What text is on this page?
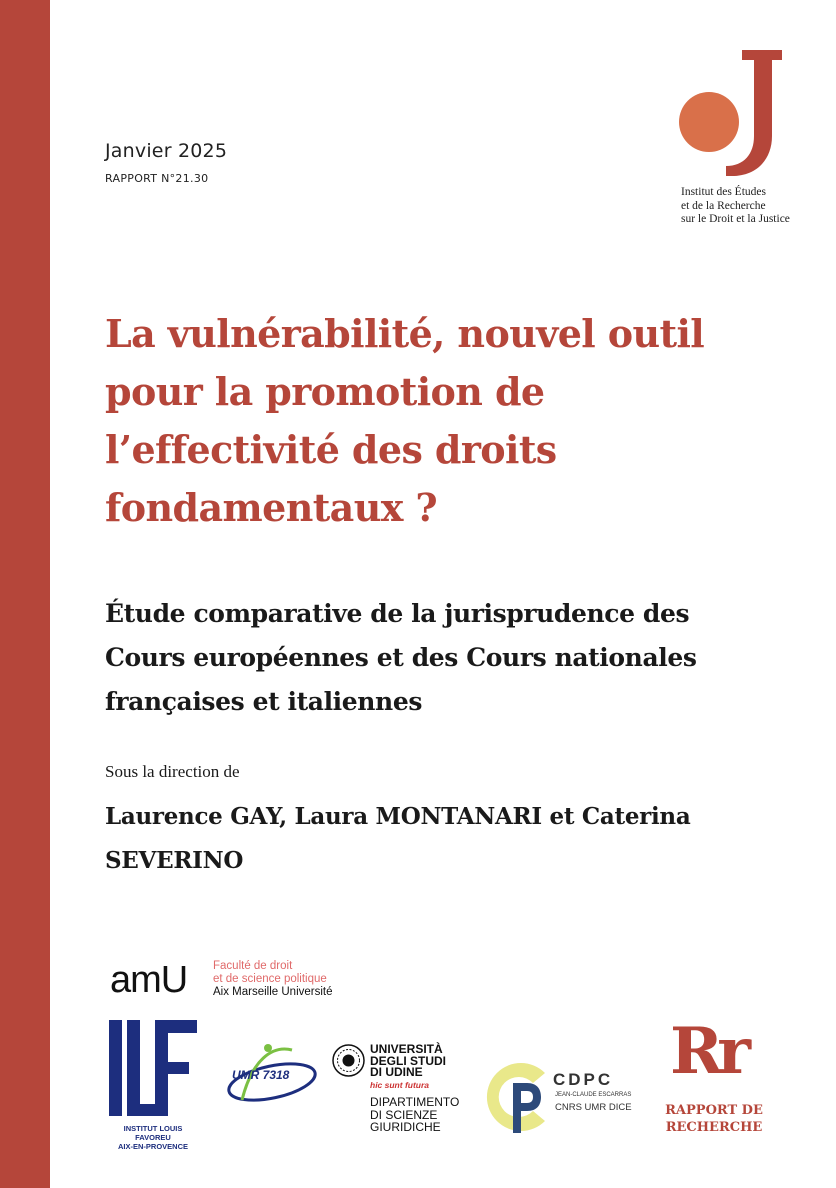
Janvier 2025
RAPPORT N°21.30
Institut des Études
et de la Recherche
sur le Droit et la Justice
La vulnérabilité, nouvel outil pour la promotion de l’effectivité des droits fondamentaux ?
Étude comparative de la jurisprudence des Cours européennes et des Cours nationales françaises et italiennes
Sous la direction de

Laurence GAY, Laura MONTANARI et Caterina SEVERINO

amU Faculté de droit
et de science politique
Aix Marseille Université
INSTITUT LOUIS FAVOREU
AIX-EN-PROVENCE
UMR 7318
UNIVERSITÀ
DEGLI STUDI
DI UDINE
hic sunt futura
DIPARTIMENTO
DI SCIENZE
GIURIDICHE
CDPC
JEAN-CLAUDE ESCARRAS
CNRS UMR DICE
Rr
RAPPORT DE
RECHERCHE
